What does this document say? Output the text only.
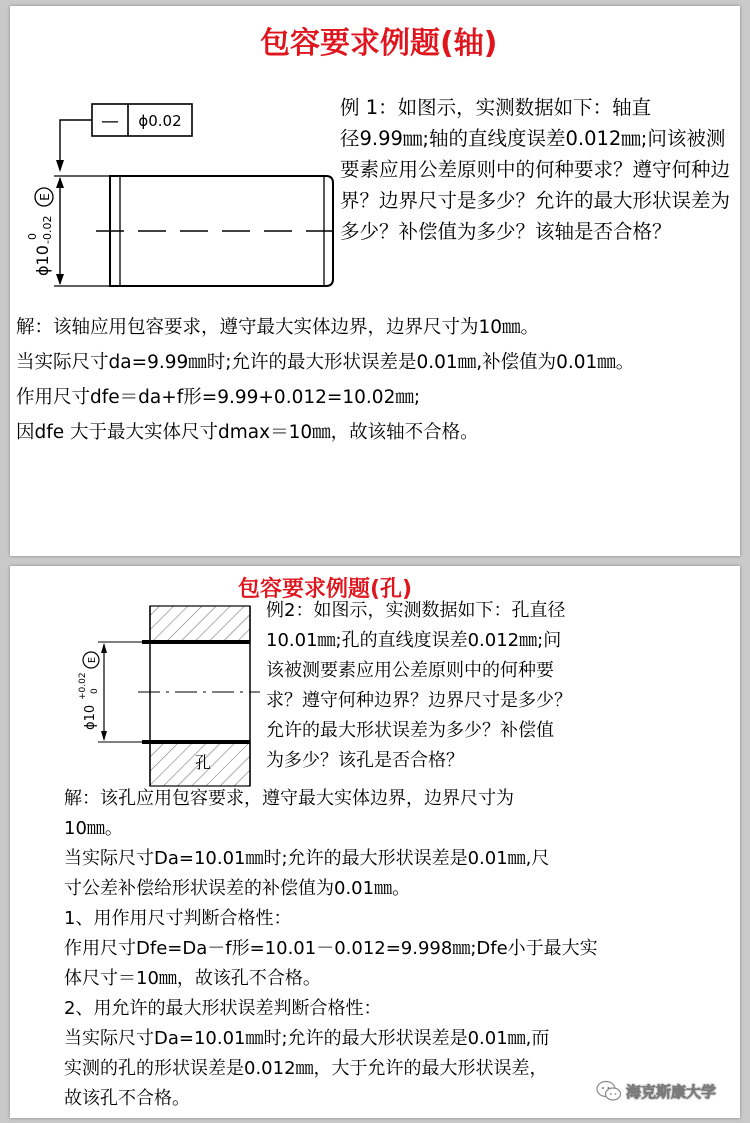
包容要求例题(轴)
— ϕ0.02
ϕ10
0 -0.02
E
例 1：如图示，实测数据如下：轴直
径9.99㎜;轴的直线度误差0.012㎜;问该被测
要素应用公差原则中的何种要求？遵守何种边
界？边界尺寸是多少？允许的最大形状误差为
多少？补偿值为多少？该轴是否合格？
解：该轴应用包容要求，遵守最大实体边界，边界尺寸为10㎜。
当实际尺寸da=9.99㎜时;允许的最大形状误差是0.01㎜,补偿值为0.01㎜。
作用尺寸dfe＝da+f形=9.99+0.012=10.02㎜;
因dfe 大于最大实体尺寸dmax＝10㎜，故该轴不合格。
包容要求例题(孔)
孔
ϕ10
+0.02 0
E
例2：如图示，实测数据如下：孔直径
10.01㎜;孔的直线度误差0.012㎜;问
该被测要素应用公差原则中的何种要
求？遵守何种边界？边界尺寸是多少？
允许的最大形状误差为多少？补偿值
为多少？该孔是否合格？
解：该孔应用包容要求，遵守最大实体边界，边界尺寸为
10㎜。
当实际尺寸Da=10.01㎜时;允许的最大形状误差是0.01㎜,尺
寸公差补偿给形状误差的补偿值为0.01㎜。
1、用作用尺寸判断合格性：
作用尺寸Dfe=Da－f形=10.01－0.012=9.998㎜;Dfe小于最大实
体尺寸＝10㎜，故该孔不合格。
2、用允许的最大形状误差判断合格性：
当实际尺寸Da=10.01㎜时;允许的最大形状误差是0.01㎜,而
实测的孔的形状误差是0.012㎜，大于允许的最大形状误差，
故该孔不合格。	海克斯康大学
